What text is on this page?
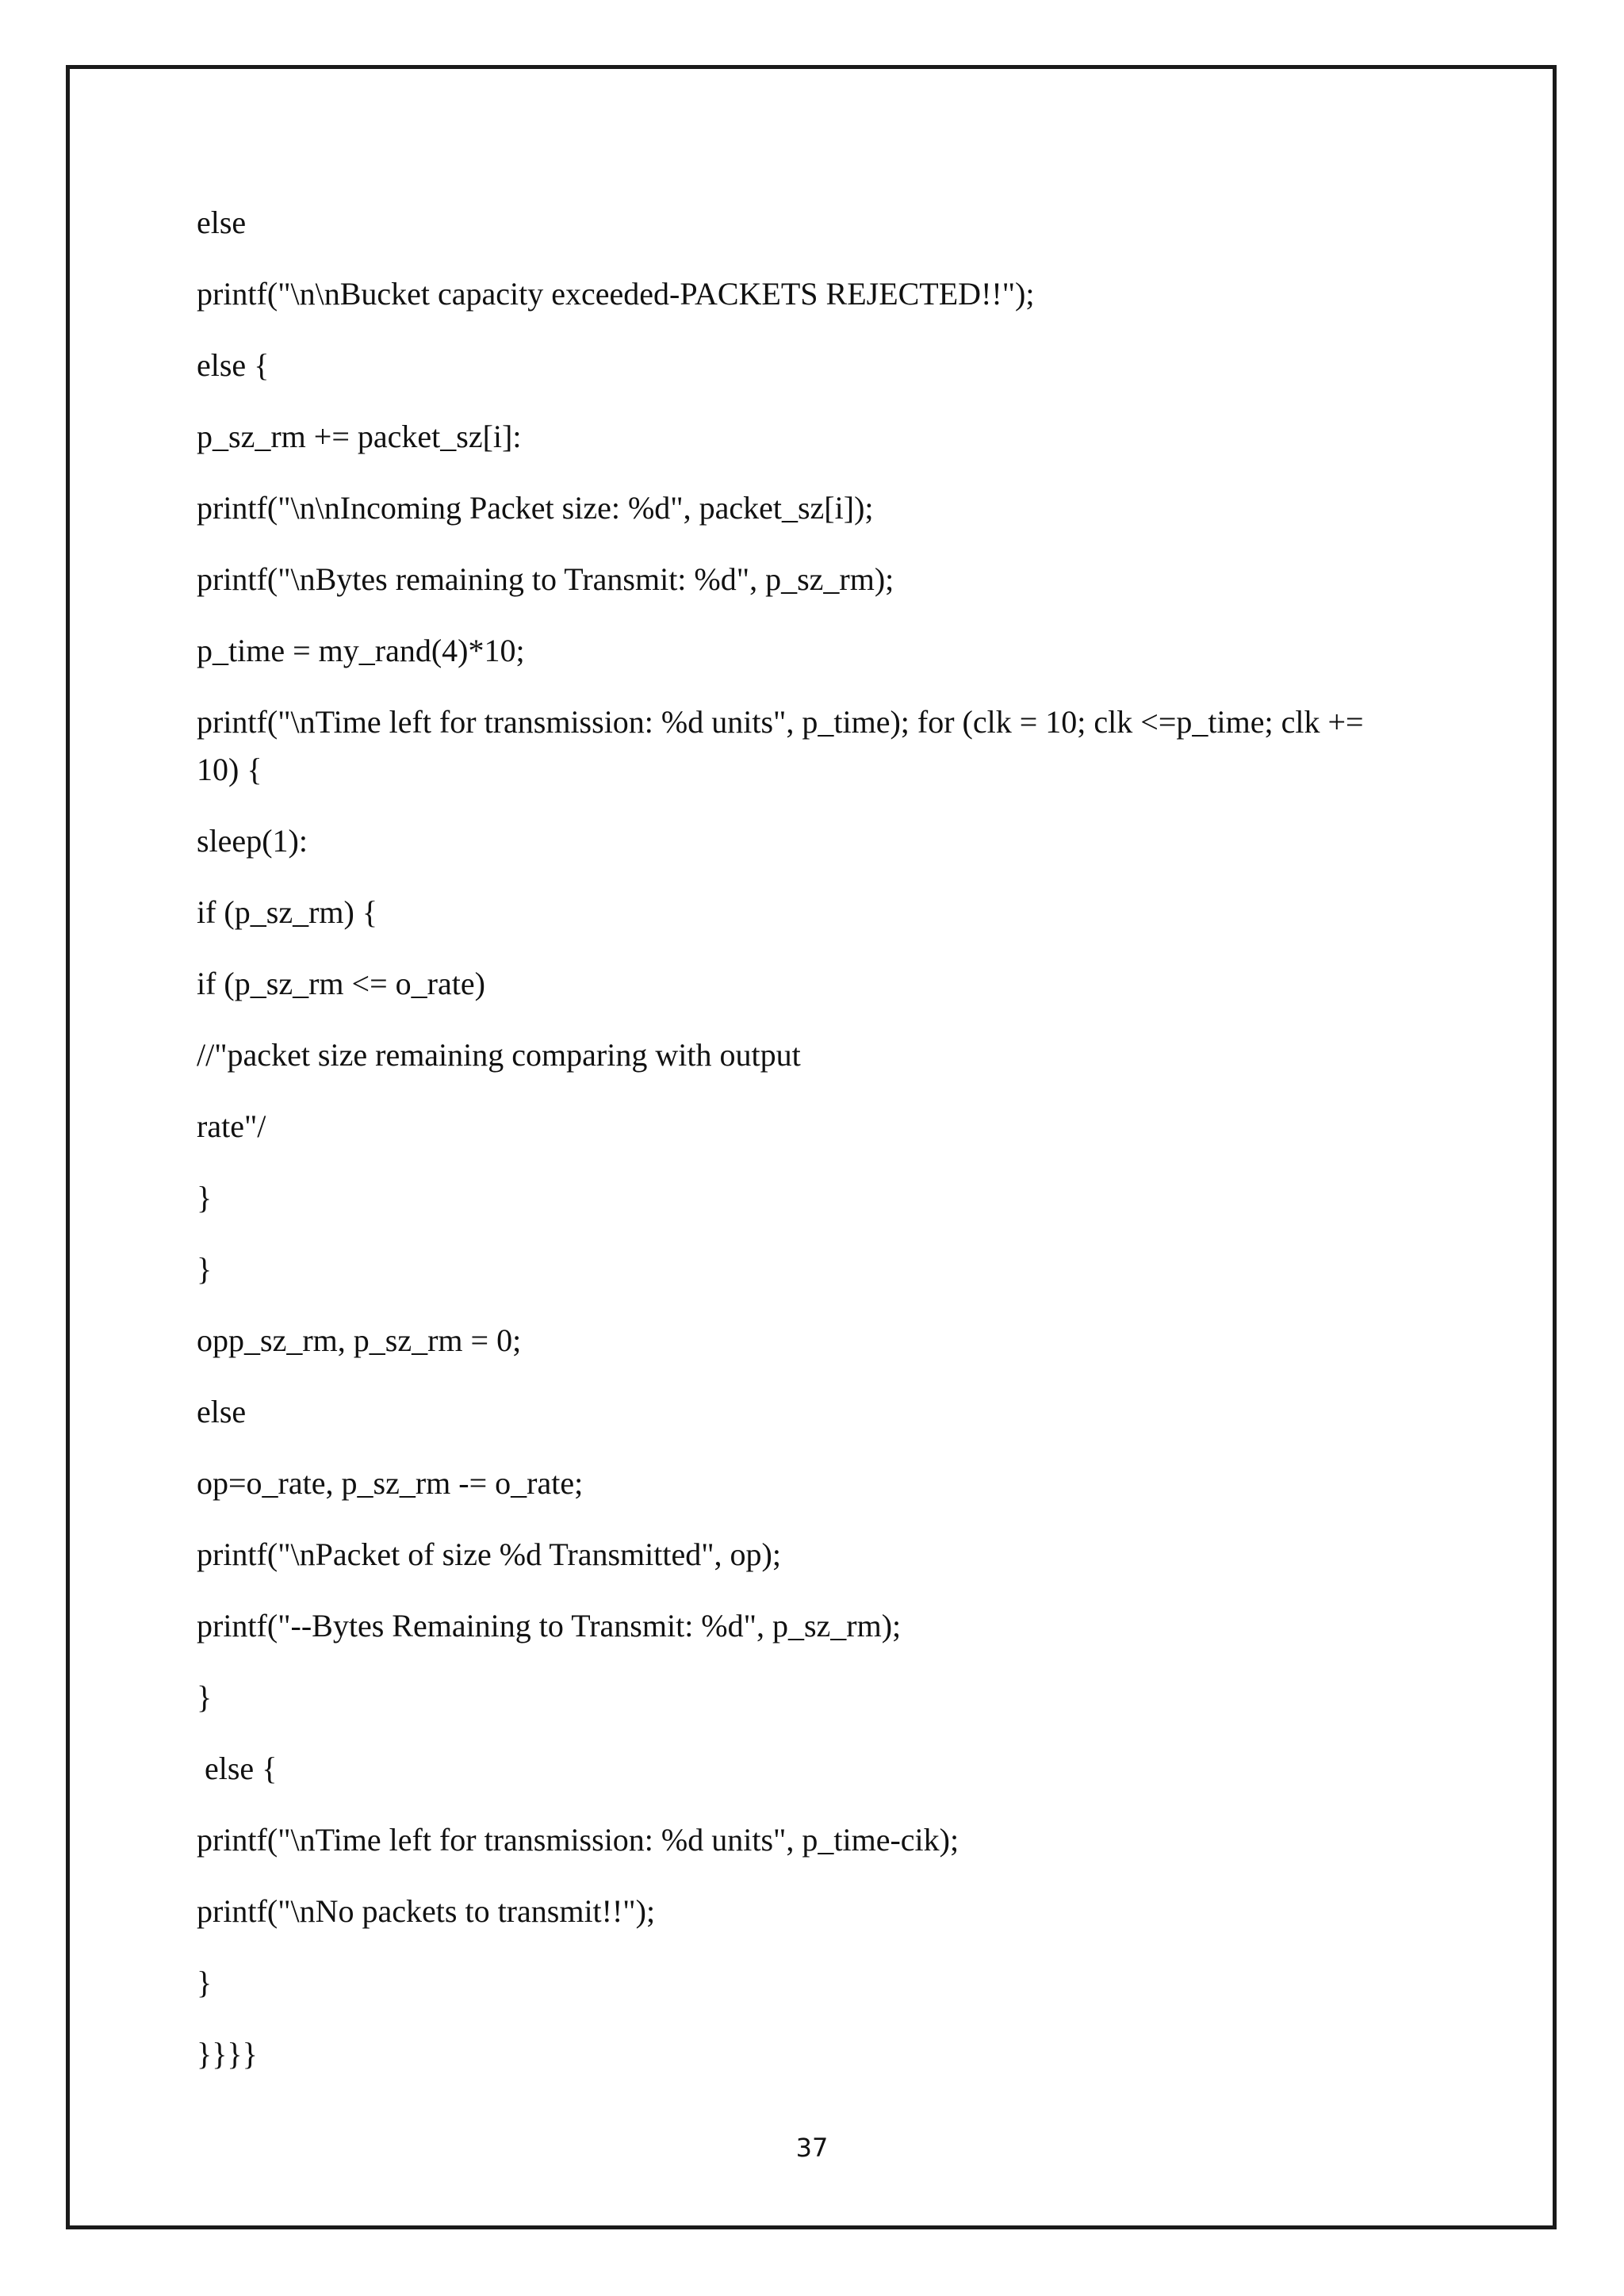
else
printf("\n\nBucket capacity exceeded-PACKETS REJECTED!!");
else {
p_sz_rm += packet_sz[i]:
printf("\n\nIncoming Packet size: %d", packet_sz[i]);
printf("\nBytes remaining to Transmit: %d", p_sz_rm);
p_time = my_rand(4)*10;
printf("\nTime left for transmission: %d units", p_time); for (clk = 10; clk <=p_time; clk +=
10) {
sleep(1):
if (p_sz_rm) {
if (p_sz_rm <= o_rate)
//"packet size remaining comparing with output
rate"/
}
}
opp_sz_rm, p_sz_rm = 0;
else
op=o_rate, p_sz_rm -= o_rate;
printf("\nPacket of size %d Transmitted", op);
printf("--Bytes Remaining to Transmit: %d", p_sz_rm);
}
else {
printf("\nTime left for transmission: %d units", p_time-cik);
printf("\nNo packets to transmit!!");
}
}}}}
37
